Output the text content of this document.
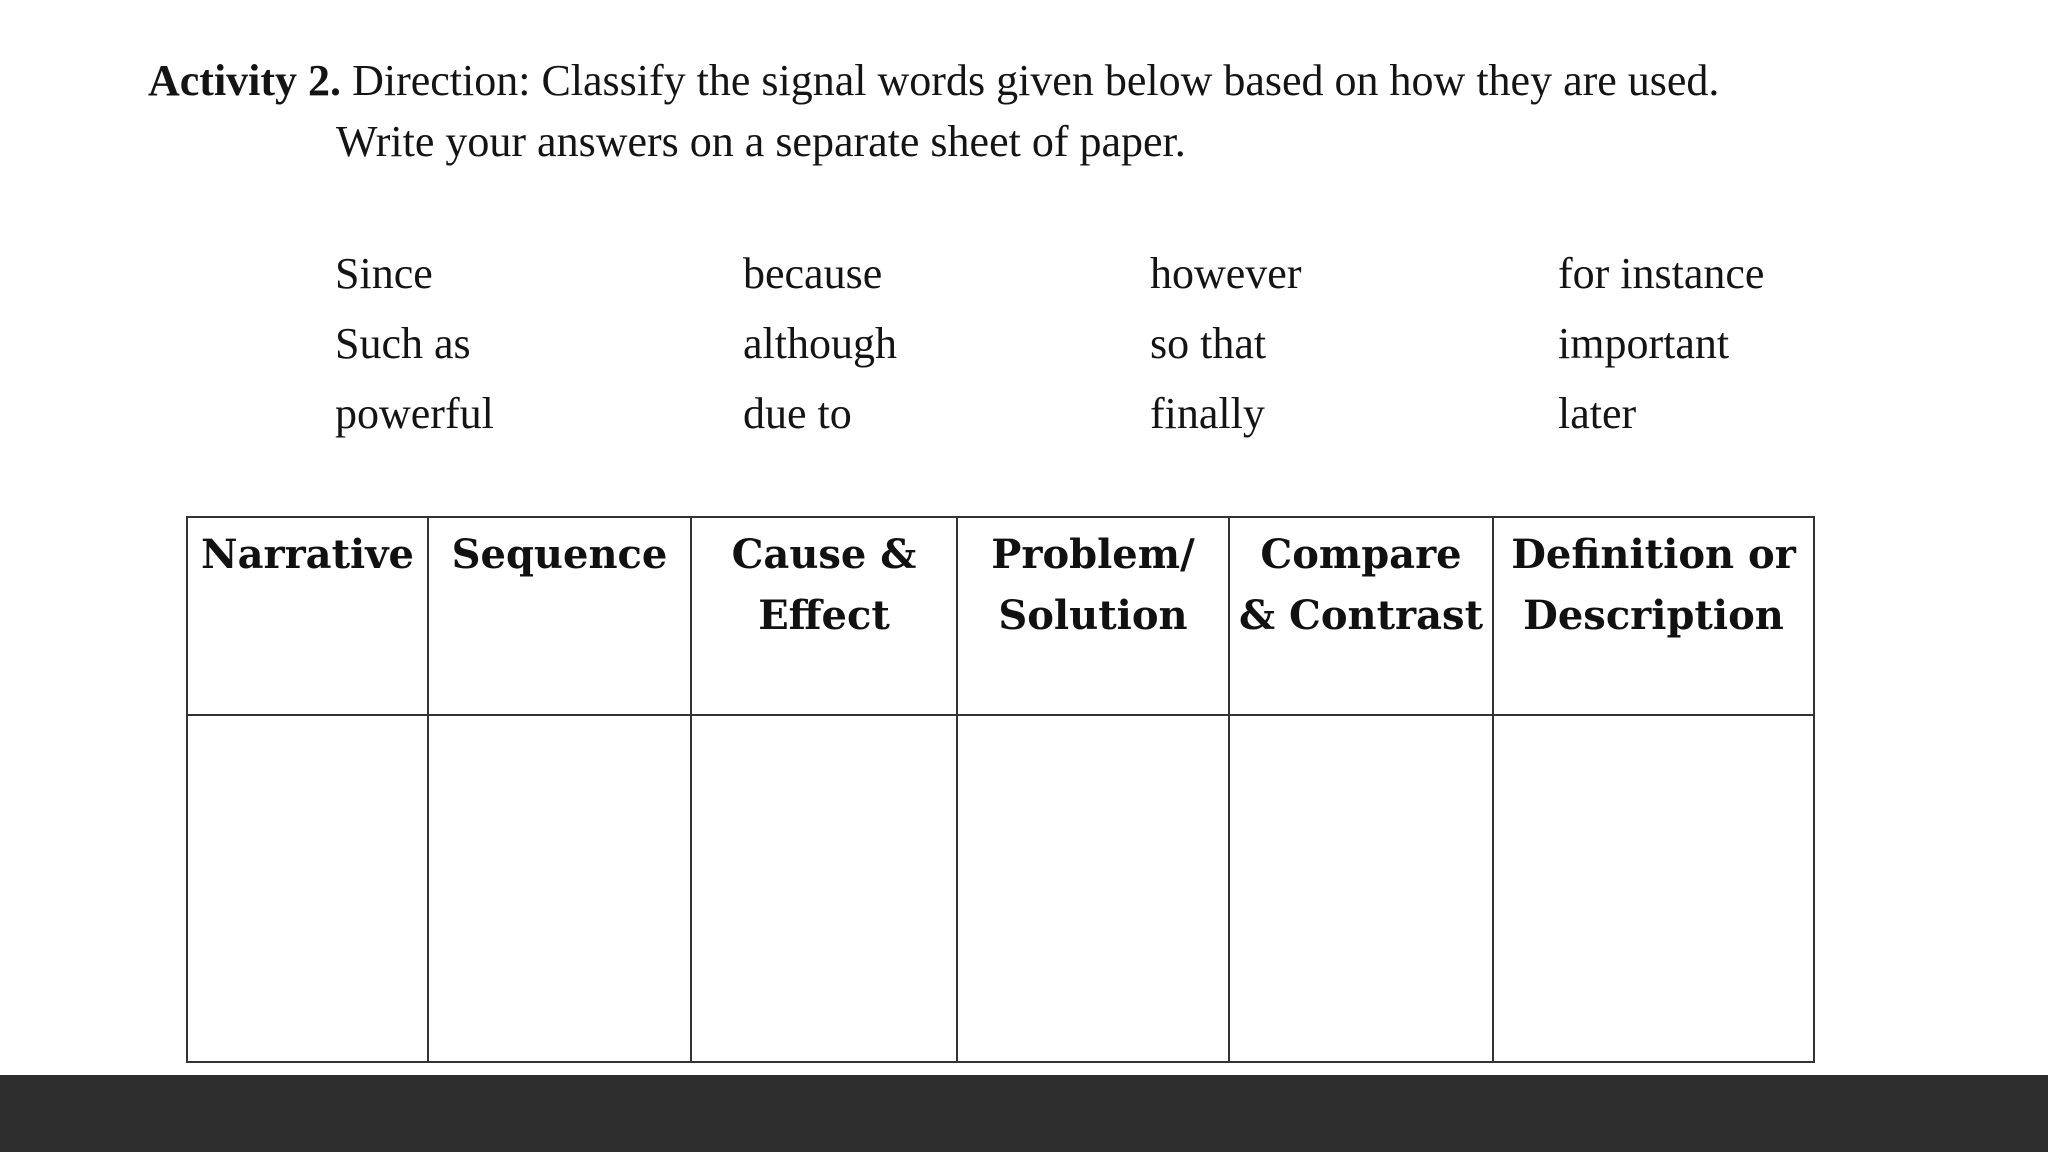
Activity 2. Direction: Classify the signal words given below based on how they are used.
Write your answers on a separate sheet of paper.
Since	because	however	for instance
Such as	although	so that	important
powerful	due to	finally	later
Narrative	Sequence	Cause & Effect	Problem/ Solution	Compare & Contrast	Definition or Description
